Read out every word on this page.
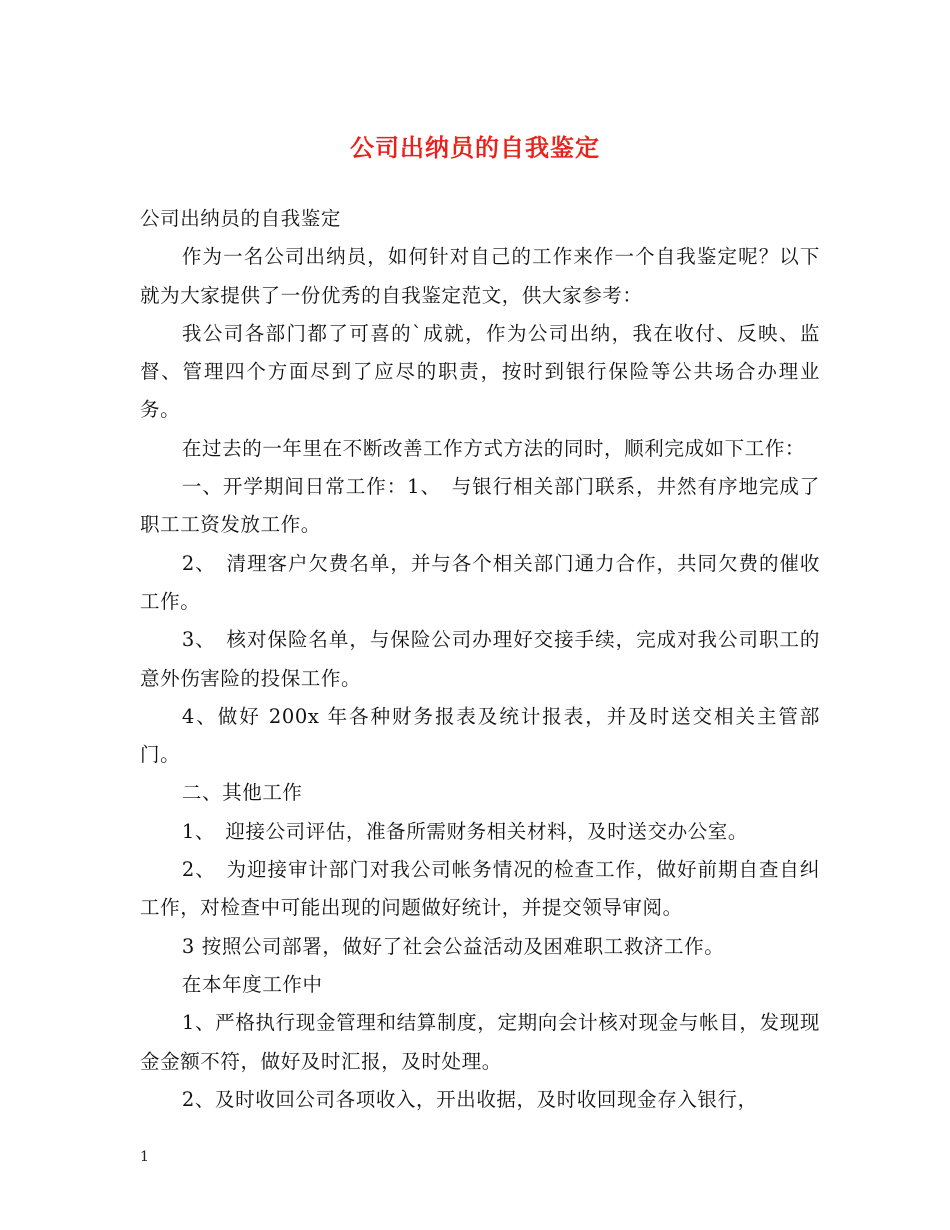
公司出纳员的自我鉴定

公司出纳员的自我鉴定

作为一名公司出纳员，如何针对自己的工作来作一个自我鉴定呢？以下就为大家提供了一份优秀的自我鉴定范文，供大家参考：

我公司各部门都了可喜的`成就，作为公司出纳，我在收付、反映、监督、管理四个方面尽到了应尽的职责，按时到银行保险等公共场合办理业务。

在过去的一年里在不断改善工作方式方法的同时，顺利完成如下工作：

一、开学期间日常工作：1、　与银行相关部门联系，井然有序地完成了职工工资发放工作。

2、　清理客户欠费名单，并与各个相关部门通力合作，共同欠费的催收工作。

3、　核对保险名单，与保险公司办理好交接手续，完成对我公司职工的意外伤害险的投保工作。

4、做好 200x 年各种财务报表及统计报表，并及时送交相关主管部门。

二、其他工作

1、　迎接公司评估，准备所需财务相关材料，及时送交办公室。

2、　为迎接审计部门对我公司帐务情况的检查工作，做好前期自查自纠工作，对检查中可能出现的问题做好统计，并提交领导审阅。

3 按照公司部署，做好了社会公益活动及困难职工救济工作。

在本年度工作中

1、严格执行现金管理和结算制度，定期向会计核对现金与帐目，发现现金金额不符，做好及时汇报，及时处理。

2、及时收回公司各项收入，开出收据，及时收回现金存入银行，

1
